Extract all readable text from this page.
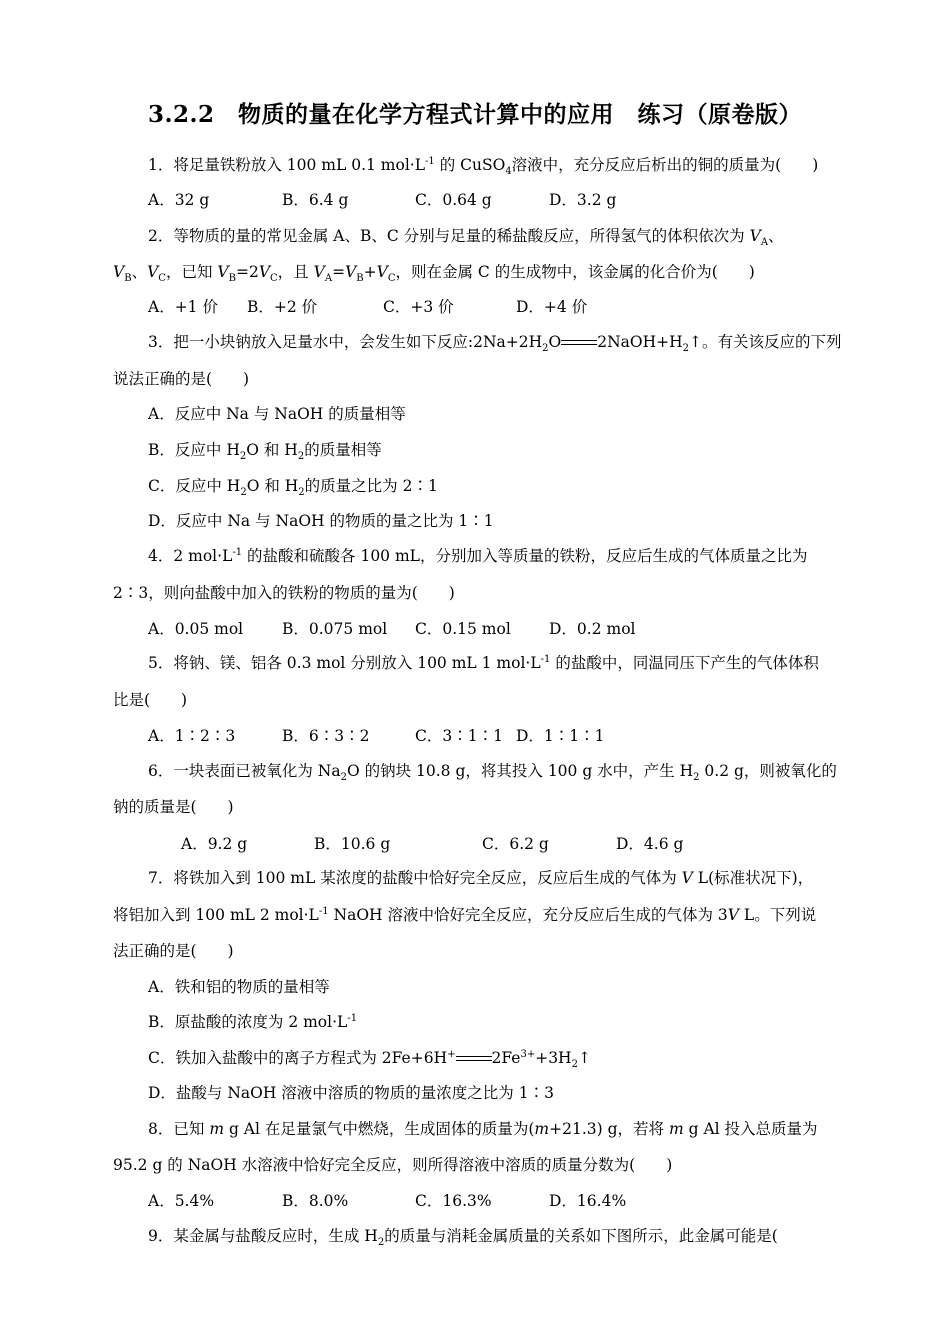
3.2.2　物质的量在化学方程式计算中的应用　练习（原卷版）
1．将足量铁粉放入 100 mL 0.1 $mol\cdot L^{-1}$ 的 CuSO$_4$溶液中，充分反应后析出的铜的质量为(　　)
A．32 g	B．6.4 g	C．0.64 g	D．3.2 g
2．等物质的量的常见金属 A、B、C 分别与足量的稀盐酸反应，所得氢气的体积依次为 $V_A$、
$V_B$、$V_C$，已知 $V_B=2V_C$，且 $V_A=V_B+V_C$，则在金属 C 的生成物中，该金属的化合价为(　　)
A．+1 价 B．+2 价	C．+3 价	D．+4 价
3．把一小块钠放入足量水中，会发生如下反应$:2Na+2H_2O$ $2NaOH+H_2↑$。有关该反应的下列
说法正确的是(　　)
A．反应中 Na 与 NaOH 的质量相等
B．反应中 $H_2O$ 和 $H_2$的质量相等
C．反应中 $H_2O$ 和 $H_2$的质量之比为 2∶1
D．反应中 Na 与 NaOH 的物质的量之比为 1∶1
4．2 $mol\cdot L^{-1}$ 的盐酸和硫酸各 100 mL，分别加入等质量的铁粉，反应后生成的气体质量之比为
2∶3，则向盐酸中加入的铁粉的物质的量为(　　)
A．0.05 mol	B．0.075 mol C．0.15 mol D．0.2 mol
5．将钠、镁、铝各 0.3 mol 分别放入 100 mL 1 $mol\cdot L^{-1}$ 的盐酸中，同温同压下产生的气体体积
比是(　　)
A．1∶2∶3	B．6∶3∶2	C．3∶1∶1 D．1∶1∶1
6．一块表面已被氧化为 $Na_2O$ 的钠块 10.8 g，将其投入 100 g 水中，产生 $H_2$ 0.2 g，则被氧化的
钠的质量是(　　)
A．9.2 g	B．10.6 g	C．6.2 g	D．4.6 g
7．将铁加入到 100 mL 某浓度的盐酸中恰好完全反应，反应后生成的气体为 V L(标准状况下)，
将铝加入到 100 mL 2 $mol\cdot L^{-1}$ NaOH 溶液中恰好完全反应，充分反应后生成的气体为 3V L。下列说
法正确的是(　　)
A．铁和铝的物质的量相等
B．原盐酸的浓度为 2 $mol\cdot L^{-1}$
C．铁加入盐酸中的离子方程式为 2Fe+6H+ $2Fe^{3+}+3H_2↑$
D．盐酸与 NaOH 溶液中溶质的物质的量浓度之比为 1∶3
8．已知 m g Al 在足量氯气中燃烧，生成固体的质量为(m+21.3) g，若将 m g Al 投入总质量为
95.2 g 的 NaOH 水溶液中恰好完全反应，则所得溶液中溶质的质量分数为(　　)
A．5.4%	B．8.0%	C．16.3%	D．16.4%
9．某金属与盐酸反应时，生成 $H_2$的质量与消耗金属质量的关系如下图所示，此金属可能是(
